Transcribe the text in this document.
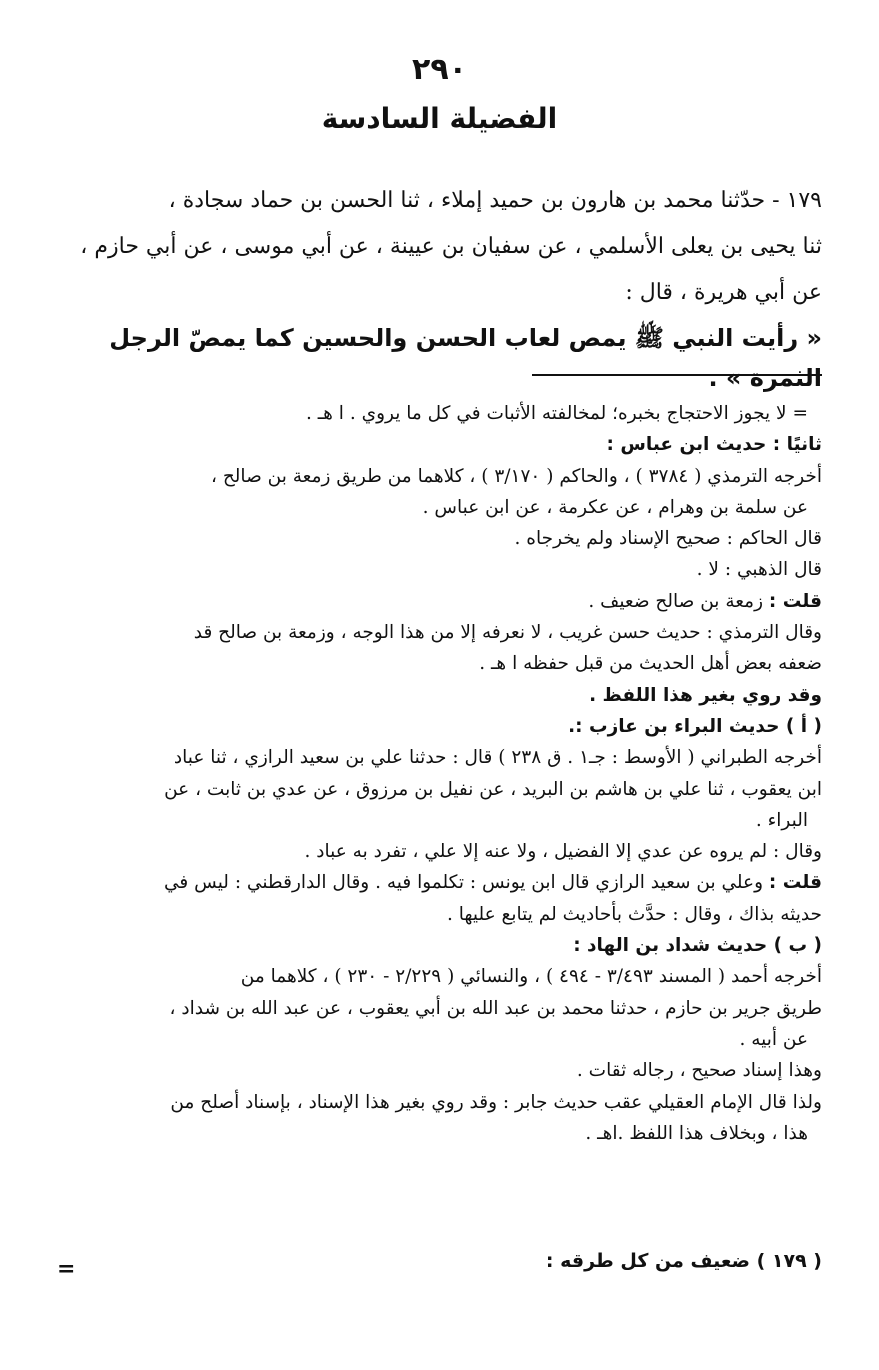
٢٩٠
الفضيلة السادسة
١٧٩ - حدّثنا محمد بن هارون بن حميد إملاء ، ثنا الحسن بن حماد سجادة ،
ثنا يحيى بن يعلى الأسلمي ، عن سفيان بن عيينة ، عن أبي موسى ، عن أبي حازم ،
عن أبي هريرة ، قال :
« رأيت النبي ﷺ يمص لعاب الحسن والحسين كما يمصّ الرجل الثمرة » .
= لا يجوز الاحتجاج بخبره؛ لمخالفته الأثبات في كل ما يروي . ا هـ .
ثانيًا : حديث ابن عباس :
أخرجه الترمذي ( ٣٧٨٤ ) ، والحاكم ( ٣/١٧٠ ) ، كلاهما من طريق زمعة بن صالح ،
عن سلمة بن وهرام ، عن عكرمة ، عن ابن عباس .
قال الحاكم : صحيح الإسناد ولم يخرجاه .
قال الذهبي : لا .
قلت : زمعة بن صالح ضعيف .
وقال الترمذي : حديث حسن غريب ، لا نعرفه إلا من هذا الوجه ، وزمعة بن صالح قد
ضعفه بعض أهل الحديث من قبل حفظه ا هـ .
وقد روي بغير هذا اللفظ .
( أ ) حديث البراء بن عازب :.
أخرجه الطبراني ( الأوسط : جـ١ . ق ٢٣٨ ) قال : حدثنا علي بن سعيد الرازي ، ثنا عباد
ابن يعقوب ، ثنا علي بن هاشم بن البريد ، عن نفيل بن مرزوق ، عن عدي بن ثابت ، عن
البراء .
وقال : لم يروه عن عدي إلا الفضيل ، ولا عنه إلا علي ، تفرد به عباد .
قلت : وعلي بن سعيد الرازي قال ابن يونس : تكلموا فيه . وقال الدارقطني : ليس في
حديثه بذاك ، وقال : حدَّث بأحاديث لم يتابع عليها .
( ب ) حديث شداد بن الهاد :
أخرجه أحمد ( المسند ٣/٤٩٣ - ٤٩٤ ) ، والنسائي ( ٢/٢٢٩ - ٢٣٠ ) ، كلاهما من
طريق جرير بن حازم ، حدثنا محمد بن عبد الله بن أبي يعقوب ، عن عبد الله بن شداد ،
عن أبيه .
وهذا إسناد صحيح ، رجاله ثقات .
ولذا قال الإمام العقيلي عقب حديث جابر : وقد روي بغير هذا الإسناد ، بإسناد أصلح من
هذا ، وبخلاف هذا اللفظ .اهـ .
( ١٧٩ ) ضعيف من كل طرقه :
=
